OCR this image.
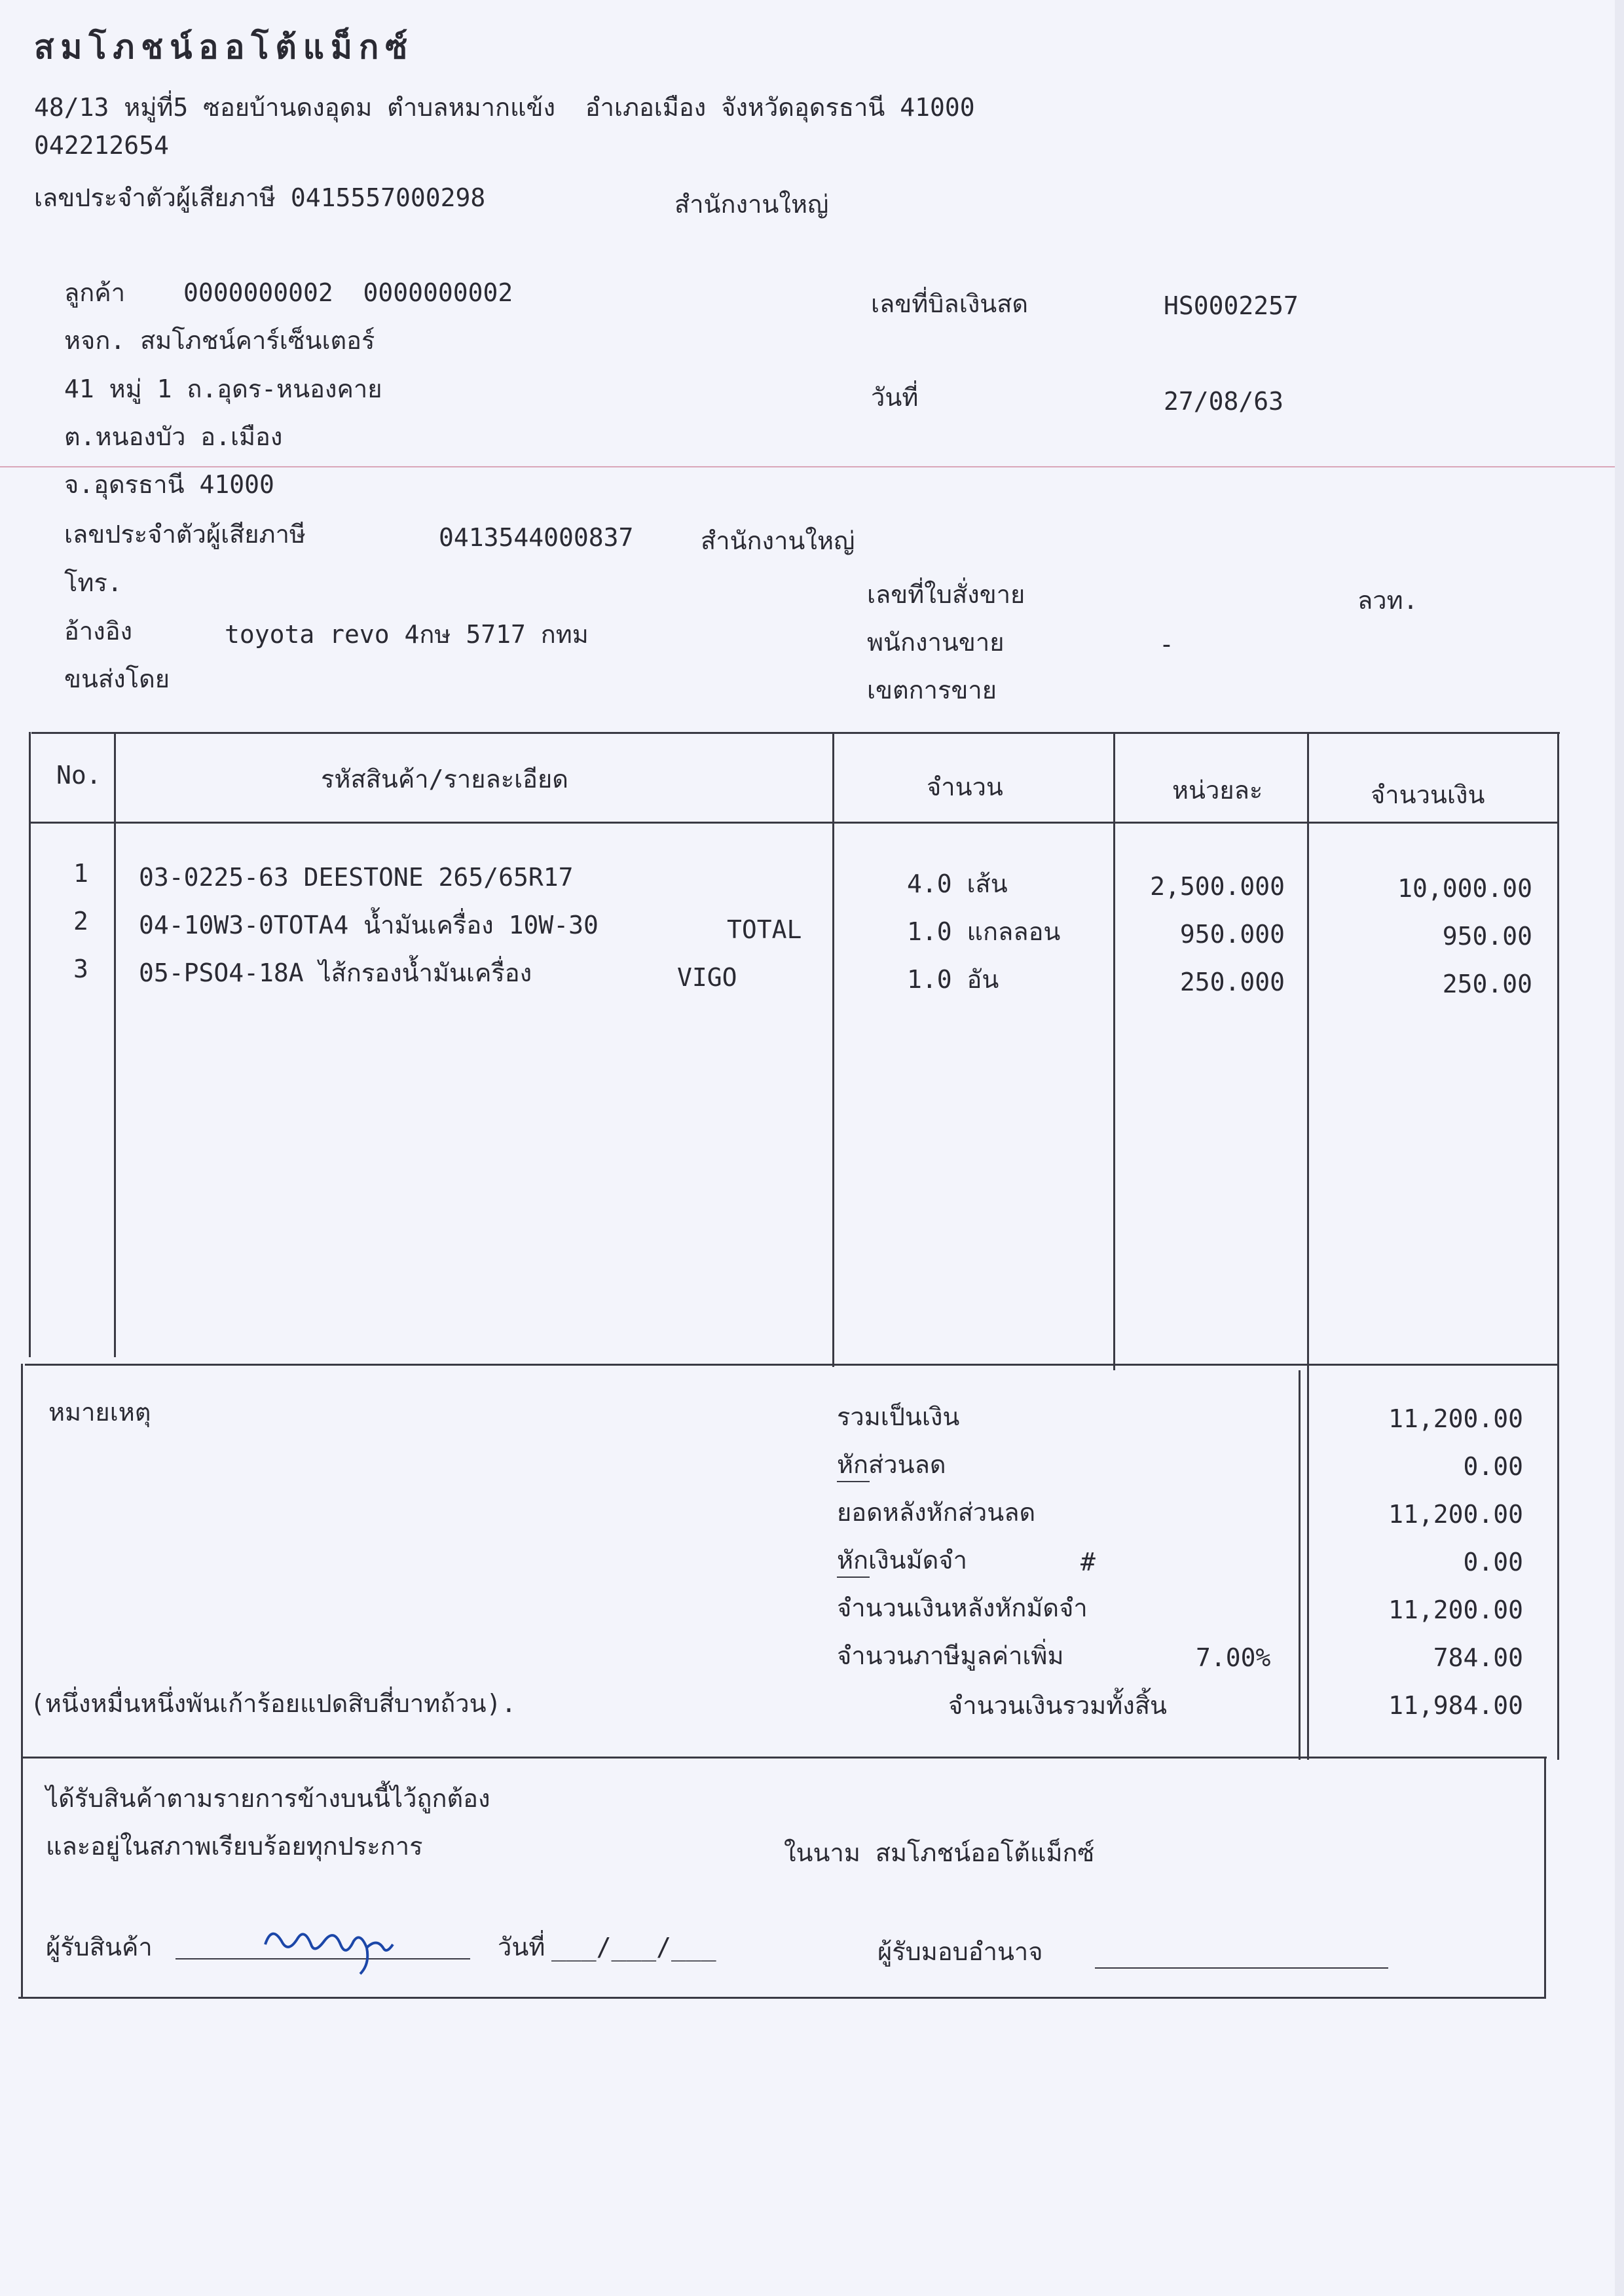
สมโภชน์ออโต้แม็กซ์
48/13 หมู่ที่5 ซอยบ้านดงอุดม ตำบลหมากแข้ง  อำเภอเมือง จังหวัดอุดรธานี 41000
042212654
เลขประจำตัวผู้เสียภาษี 0415557000298	สำนักงานใหญ่
ลูกค้า 0000000002  0000000002
หจก. สมโภชน์คาร์เซ็นเตอร์
41 หมู่ 1 ถ.อุดร-หนองคาย
ต.หนองบัว อ.เมือง
จ.อุดรธานี 41000
เลขประจำตัวผู้เสียภาษี	0413544000837	สำนักงานใหญ่
โทร.
อ้างอิง	toyota revo 4กษ 5717 กทม
ขนส่งโดย
เลขที่บิลเงินสด	HS0002257
วันที่	27/08/63
เลขที่ใบสั่งขาย	ลวท.
พนักงานขาย	-
เขตการขาย
No.	รหัสสินค้า/รายละเอียด	จำนวน	หน่วยละ	จำนวนเงิน
1 03-0225-63 DEESTONE 265/65R17	4.0 เส้น	2,500.000	10,000.00
2 04-10W3-0TOTA4 น้ำมันเครื่อง 10W-30	TOTAL	1.0 แกลลอน	950.000	950.00
3 05-PSO4-18A ไส้กรองน้ำมันเครื่อง	VIGO	1.0 อัน	250.000	250.00
หมายเหตุ	รวมเป็นเงิน	11,200.00
หักส่วนลด	0.00
ยอดหลังหักส่วนลด	11,200.00
หักเงินมัดจำ	#	0.00
จำนวนเงินหลังหักมัดจำ	11,200.00
จำนวนภาษีมูลค่าเพิ่ม	7.00%	784.00
(หนึ่งหมื่นหนึ่งพันเก้าร้อยแปดสิบสี่บาทถ้วน).	จำนวนเงินรวมทั้งสิ้น	11,984.00
ได้รับสินค้าตามรายการข้างบนนี้ไว้ถูกต้อง
และอยู่ในสภาพเรียบร้อยทุกประการ	ในนาม สมโภชน์ออโต้แม็กซ์
ผู้รับสินค้า	วันที่ ___/___/___	ผู้รับมอบอำนาจ
